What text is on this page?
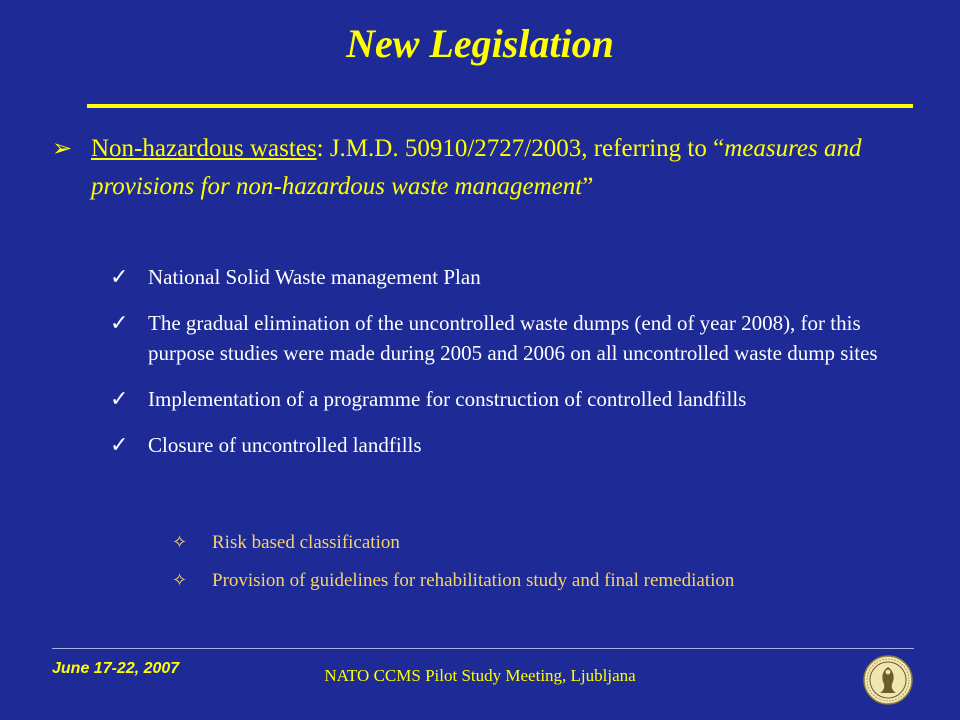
New Legislation
➢ Non-hazardous wastes: J.M.D. 50910/2727/2003, referring to “measures and provisions for non-hazardous waste management”
✓ National Solid Waste management Plan
✓ The gradual elimination of the uncontrolled waste dumps (end of year 2008), for this purpose studies were made during 2005 and 2006 on all uncontrolled waste dump sites
✓ Implementation of a programme for construction of controlled landfills
✓ Closure of uncontrolled landfills
✧ Risk based classification
✧ Provision of guidelines for rehabilitation study and final remediation
June 17-22, 2007	NATO CCMS Pilot Study Meeting, Ljubljana
